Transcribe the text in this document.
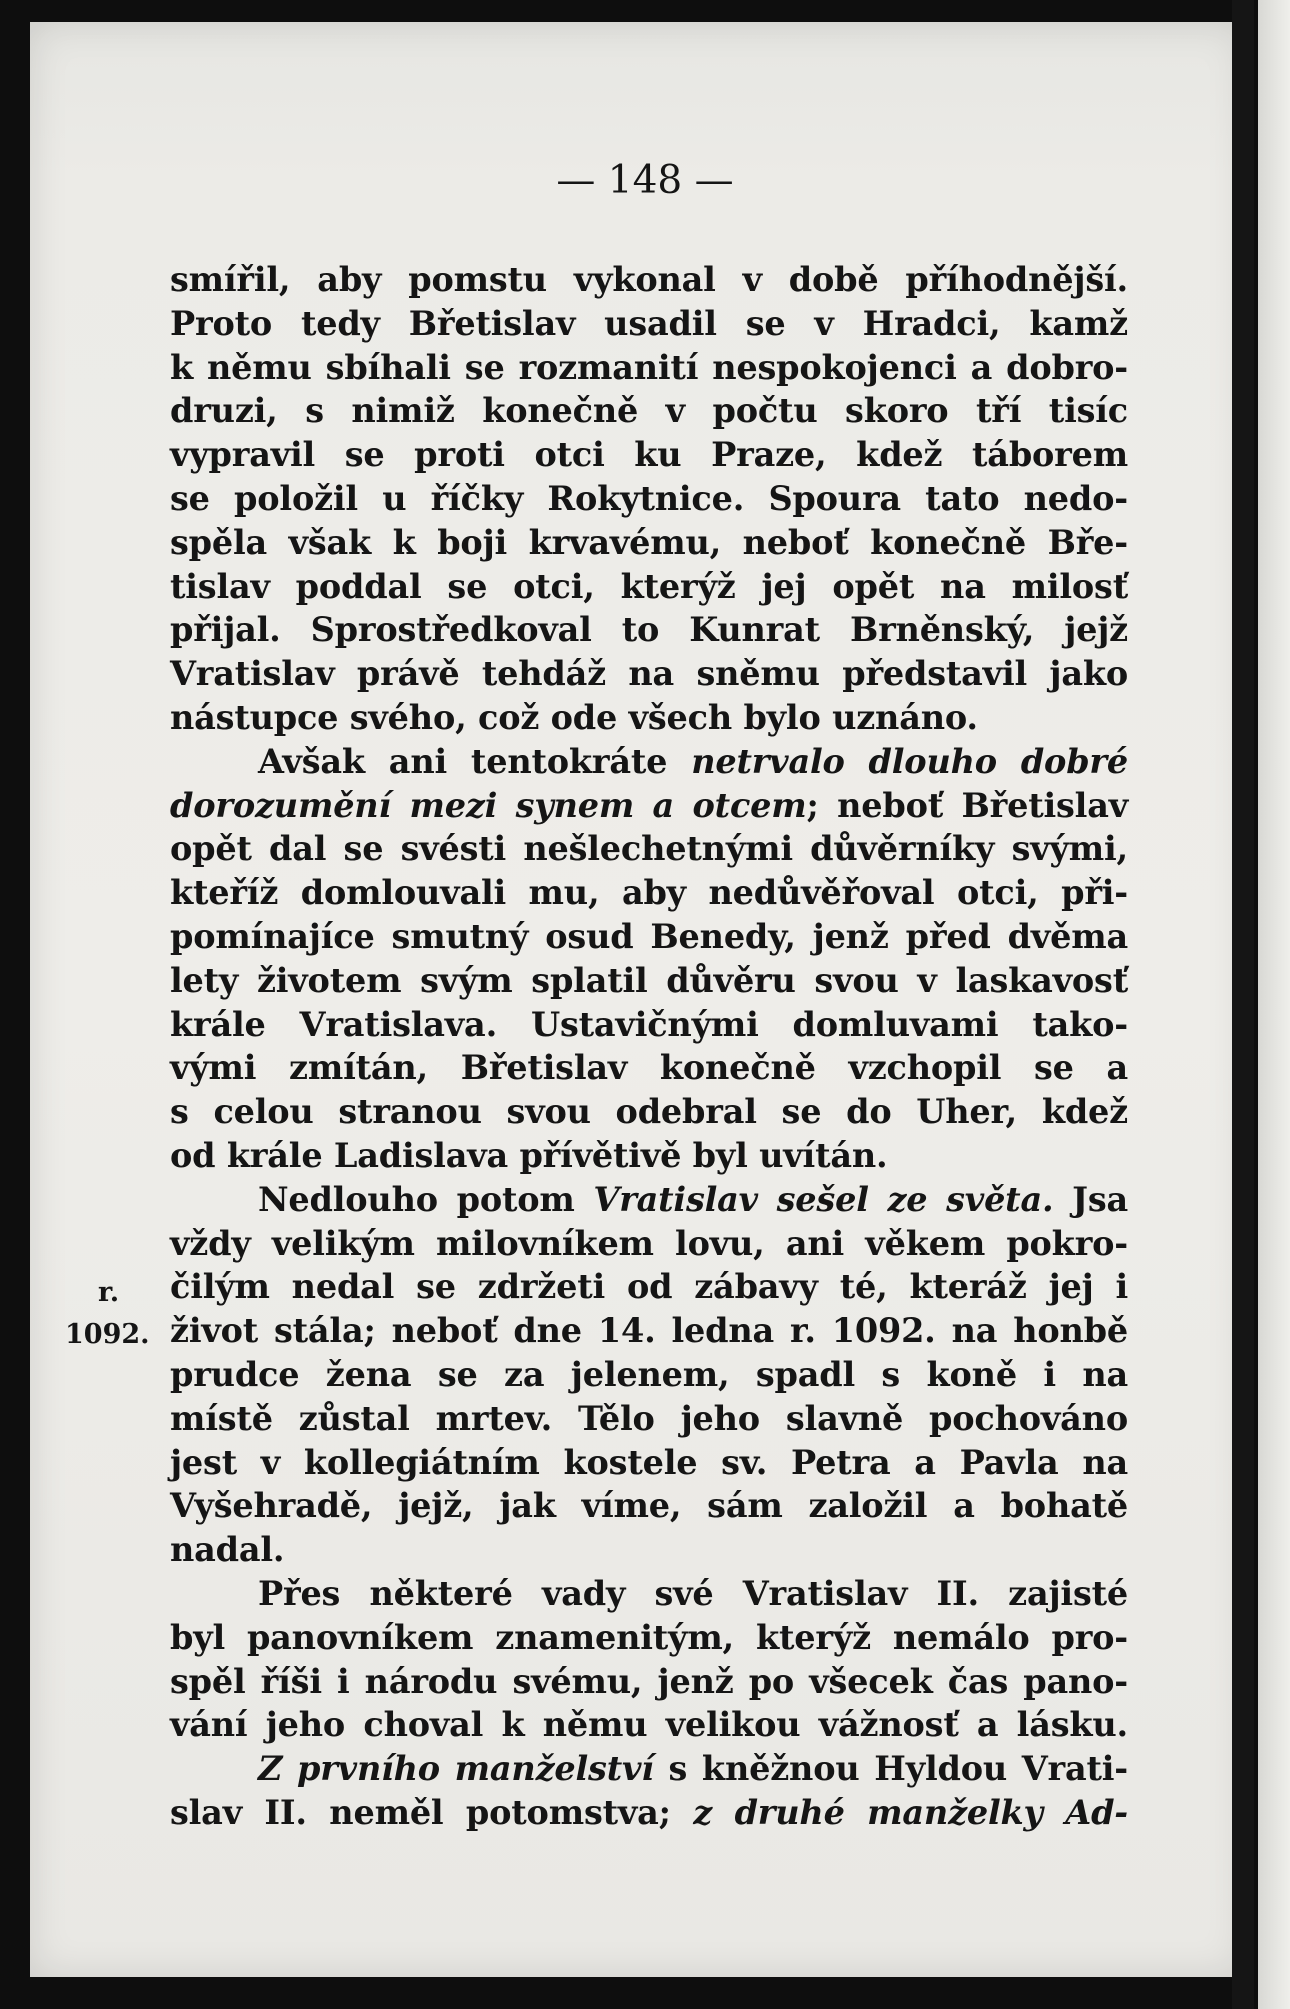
— 148 —
r.
1092.
smířil, aby pomstu vykonal v době příhodnější.
Proto tedy Břetislav usadil se v Hradci, kamž
k němu sbíhali se rozmanití nespokojenci a dobro-
druzi, s nimiž konečně v počtu skoro tří tisíc
vypravil se proti otci ku Praze, kdež táborem
se položil u říčky Rokytnice. Spoura tato nedo-
spěla však k boji krvavému, neboť konečně Bře-
tislav poddal se otci, kterýž jej opět na milosť
přijal. Sprostředkoval to Kunrat Brněnský, jejž
Vratislav právě tehdáž na sněmu představil jako
nástupce svého, což ode všech bylo uznáno.
Avšak ani tentokráte netrvalo dlouho dobré
dorozumění mezi synem a otcem; neboť Břetislav
opět dal se svésti nešlechetnými důvěrníky svými,
kteříž domlouvali mu, aby nedůvěřoval otci, při-
pomínajíce smutný osud Benedy, jenž před dvěma
lety životem svým splatil důvěru svou v laskavosť
krále Vratislava. Ustavičnými domluvami tako-
vými zmítán, Břetislav konečně vzchopil se a
s celou stranou svou odebral se do Uher, kdež
od krále Ladislava přívětivě byl uvítán.
Nedlouho potom Vratislav sešel ze světa. Jsa
vždy velikým milovníkem lovu, ani věkem pokro-
čilým nedal se zdržeti od zábavy té, kteráž jej i
život stála; neboť dne 14. ledna r. 1092. na honbě
prudce žena se za jelenem, spadl s koně i na
místě zůstal mrtev. Tělo jeho slavně pochováno
jest v kollegiátním kostele sv. Petra a Pavla na
Vyšehradě, jejž, jak víme, sám založil a bohatě
nadal.
Přes některé vady své Vratislav II. zajisté
byl panovníkem znamenitým, kterýž nemálo pro-
spěl říši i národu svému, jenž po všecek čas pano-
vání jeho choval k němu velikou vážnosť a lásku.
Z prvního manželství s kněžnou Hyldou Vrati-
slav II. neměl potomstva; z druhé manželky Ad-
